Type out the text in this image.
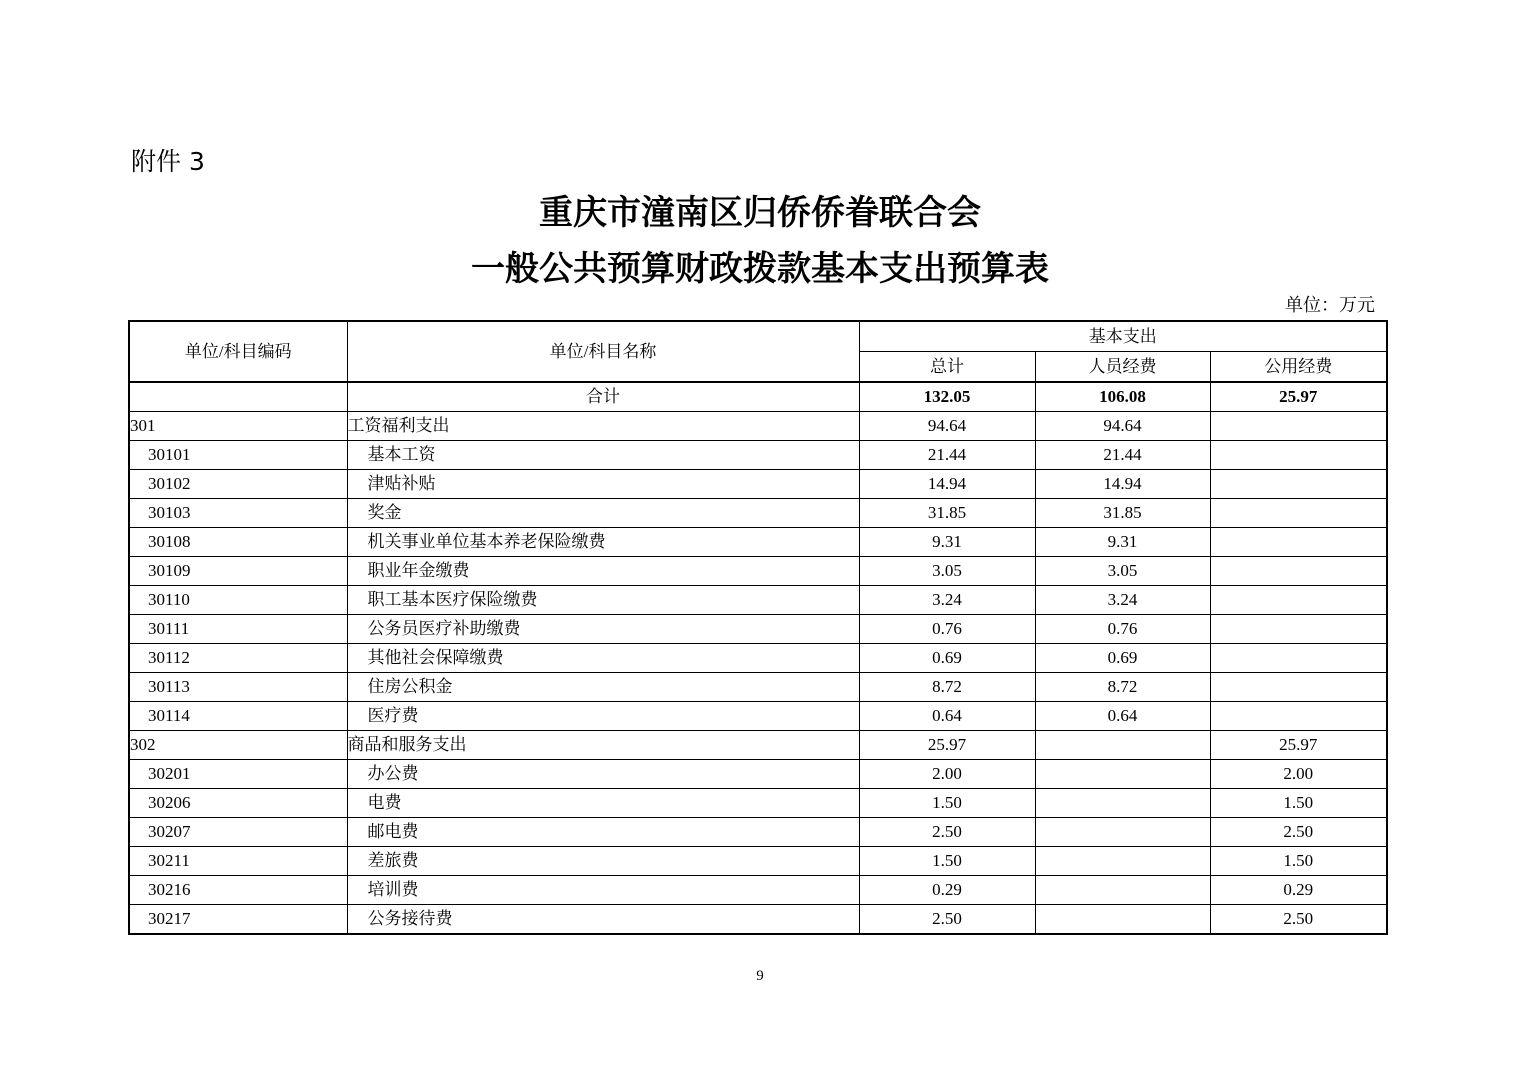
附件 3
重庆市潼南区归侨侨眷联合会
一般公共预算财政拨款基本支出预算表
单位：万元
单位/科目编码	单位/科目名称	基本支出		
		总计	人员经费	公用经费
	合计	132.05	106.08	25.97
301	工资福利支出	94.64	94.64	
30101	基本工资	21.44	21.44	
30102	津贴补贴	14.94	14.94	
30103	奖金	31.85	31.85	
30108	机关事业单位基本养老保险缴费	9.31	9.31	
30109	职业年金缴费	3.05	3.05	
30110	职工基本医疗保险缴费	3.24	3.24	
30111	公务员医疗补助缴费	0.76	0.76	
30112	其他社会保障缴费	0.69	0.69	
30113	住房公积金	8.72	8.72	
30114	医疗费	0.64	0.64	
302	商品和服务支出	25.97		25.97
30201	办公费	2.00		2.00
30206	电费	1.50		1.50
30207	邮电费	2.50		2.50
30211	差旅费	1.50		1.50
30216	培训费	0.29		0.29
30217	公务接待费	2.50		2.50
9
